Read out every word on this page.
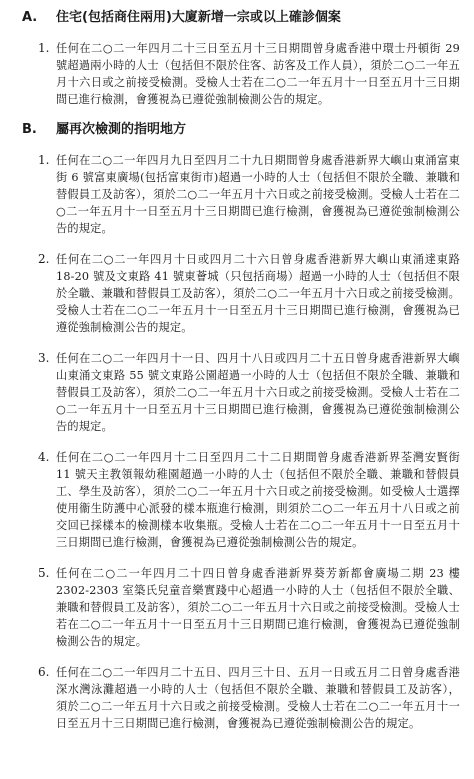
A.	住宅(包括商住兩用)大廈新增一宗或以上確診個案
1. 任何在二○二一年四月二十三日至五月十三日期間曾身處香港中環士丹頓街 29 號超過兩小時的人士（包括但不限於住客、訪客及工作人員），須於二○二一年五月十六日或之前接受檢測。受檢人士若在二○二一年五月十一日至五月十三日期間已進行檢測，會獲視為已遵從強制檢測公告的規定。
B.	屬再次檢測的指明地方
1. 任何在二○二一年四月九日至四月二十九日期間曾身處香港新界大嶼山東涌富東街 6 號富東廣場(包括富東街市)超過一小時的人士（包括但不限於全職、兼職和替假員工及訪客），須於二○二一年五月十六日或之前接受檢測。受檢人士若在二○二一年五月十一日至五月十三日期間已進行檢測，會獲視為已遵從強制檢測公告的規定。
2. 任何在二○二一年四月十日或四月二十六日曾身處香港新界大嶼山東涌達東路 18-20 號及文東路 41 號東薈城（只包括商場）超過一小時的人士（包括但不限於全職、兼職和替假員工及訪客），須於二○二一年五月十六日或之前接受檢測。受檢人士若在二○二一年五月十一日至五月十三日期間已進行檢測，會獲視為已遵從強制檢測公告的規定。
3. 任何在二○二一年四月十一日、四月十八日或四月二十五日曾身處香港新界大嶼山東涌文東路 55 號文東路公園超過一小時的人士（包括但不限於全職、兼職和替假員工及訪客），須於二○二一年五月十六日或之前接受檢測。受檢人士若在二○二一年五月十一日至五月十三日期間已進行檢測，會獲視為已遵從強制檢測公告的規定。
4. 任何在二○二一年四月十二日至四月二十二日期間曾身處香港新界荃灣安賢街 11 號天主教領報幼稚園超過一小時的人士（包括但不限於全職、兼職和替假員工、學生及訪客），須於二○二一年五月十六日或之前接受檢測。如受檢人士選擇使用衞生防護中心派發的樣本瓶進行檢測，則須於二○二一年五月十八日或之前交回已採樣本的檢測樣本收集瓶。受檢人士若在二○二一年五月十一日至五月十三日期間已進行檢測，會獲視為已遵從強制檢測公告的規定。
5. 任何在二○二一年四月二十四日曾身處香港新界葵芳新都會廣場二期 23 樓 2302-2303 室築氏兒童音樂實踐中心超過一小時的人士（包括但不限於全職、兼職和替假員工及訪客），須於二○二一年五月十六日或之前接受檢測。受檢人士若在二○二一年五月十一日至五月十三日期間已進行檢測，會獲視為已遵從強制檢測公告的規定。
6. 任何在二○二一年四月二十五日、四月三十日、五月一日或五月二日曾身處香港深水灣泳灘超過一小時的人士（包括但不限於全職、兼職和替假員工及訪客），須於二○二一年五月十六日或之前接受檢測。受檢人士若在二○二一年五月十一日至五月十三日期間已進行檢測，會獲視為已遵從強制檢測公告的規定。
